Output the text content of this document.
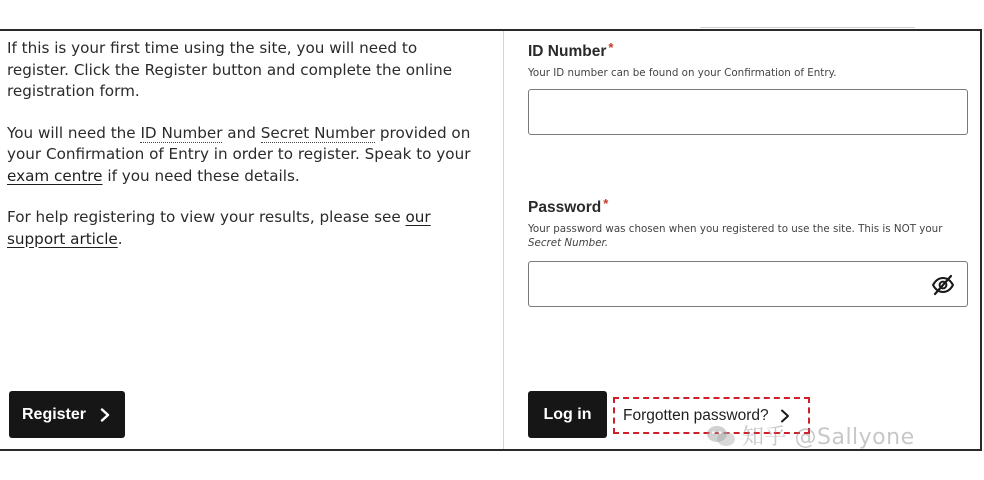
If this is your first time using the site, you will need to register. Click the Register button and complete the online registration form.

You will need the ID Number and Secret Number provided on your Confirmation of Entry in order to register. Speak to your exam centre if you need these details.

For help registering to view your results, please see our support article.

Register
ID Number *
Your ID number can be found on your Confirmation of Entry.
Password *
Your password was chosen when you registered to use the site. This is NOT your
Secret Number.
Log in Forgotten password?
知乎 @Sallyone
